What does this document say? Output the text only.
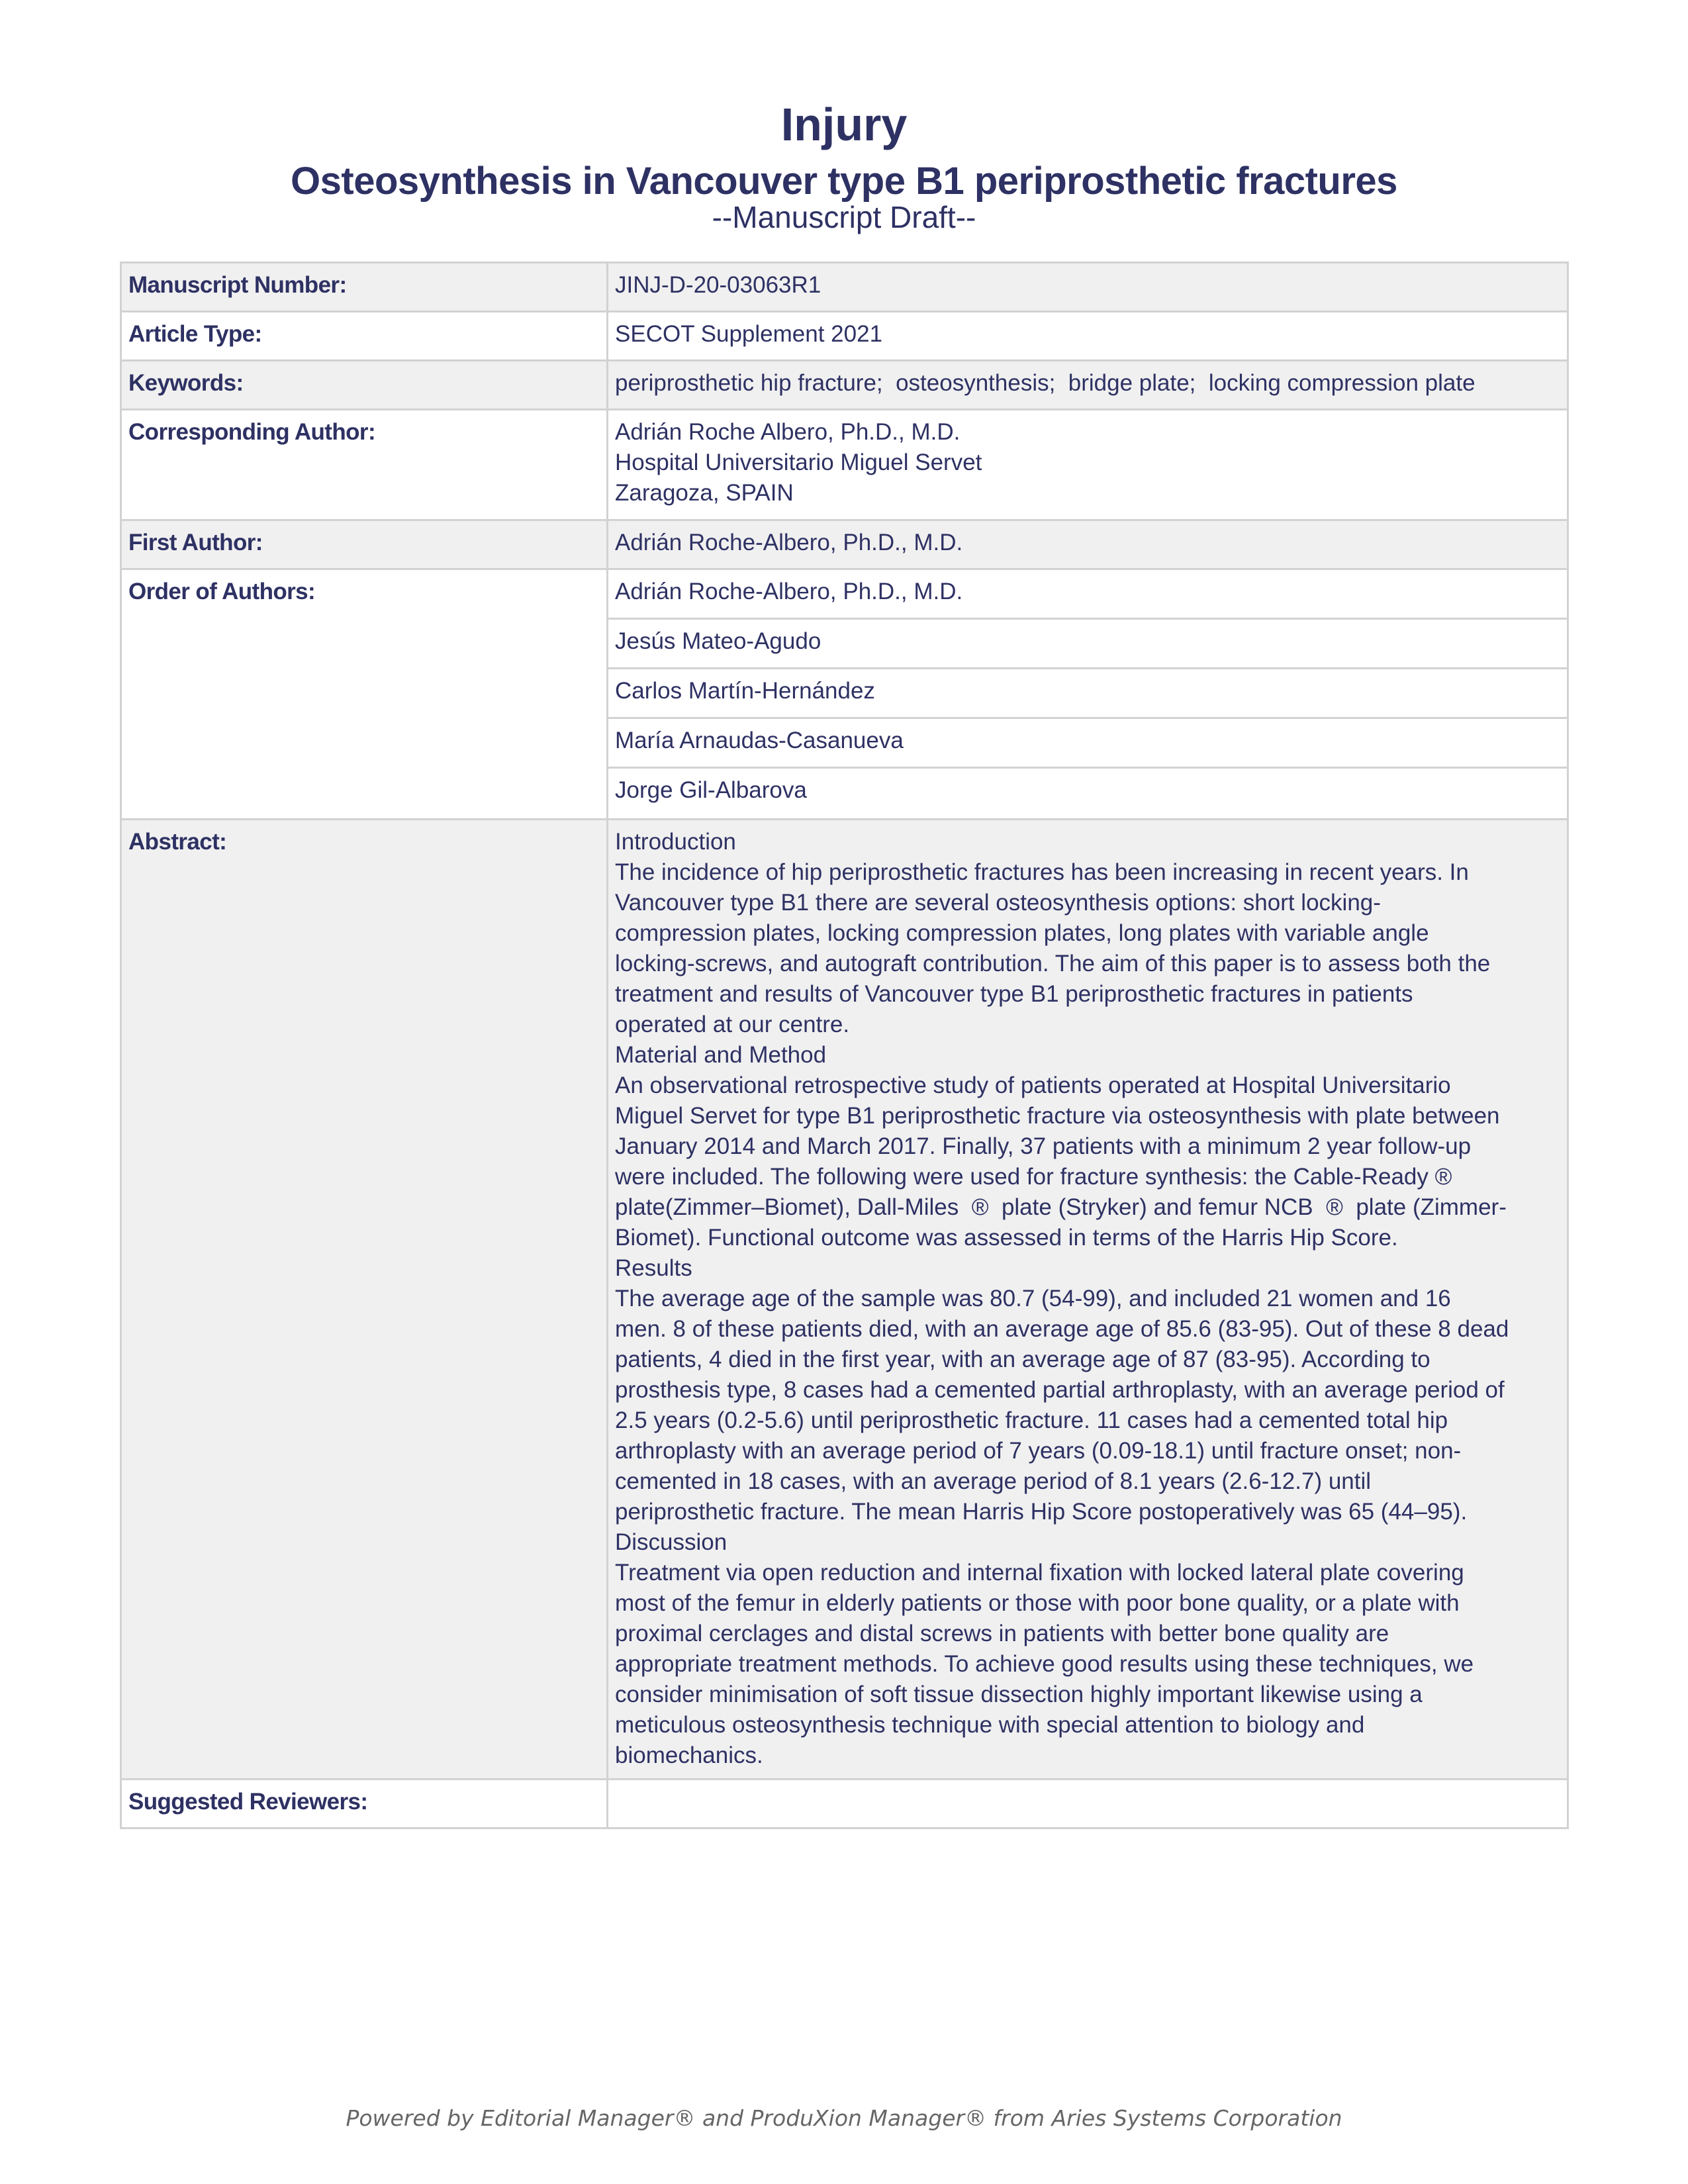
Injury
Osteosynthesis in Vancouver type B1 periprosthetic fractures
--Manuscript Draft--
Manuscript Number:	JINJ-D-20-03063R1
Article Type:	SECOT Supplement 2021
Keywords:	periprosthetic hip fracture;  osteosynthesis;  bridge plate;  locking compression plate
Corresponding Author:	Adrián Roche Albero, Ph.D., M.D.
Hospital Universitario Miguel Servet
Zaragoza, SPAIN

First Author:	Adrián Roche-Albero, Ph.D., M.D.
Order of Authors:	Adrián Roche-Albero, Ph.D., M.D.
Jesús Mateo-Agudo
Carlos Martín-Hernández
María Arnaudas-Casanueva
Jorge Gil-Albarova

Abstract:	Introduction
The incidence of hip periprosthetic fractures has been increasing in recent years. In
Vancouver type B1 there are several osteosynthesis options: short locking-
compression plates, locking compression plates, long plates with variable angle
locking-screws, and autograft contribution. The aim of this paper is to assess both the
treatment and results of Vancouver type B1 periprosthetic fractures in patients
operated at our centre.
Material and Method
An observational retrospective study of patients operated at Hospital Universitario
Miguel Servet for type B1 periprosthetic fracture via osteosynthesis with plate between
January 2014 and March 2017. Finally, 37 patients with a minimum 2 year follow-up
were included. The following were used for fracture synthesis: the Cable-Ready ®
plate(Zimmer–Biomet), Dall-Miles  ®  plate (Stryker) and femur NCB  ®  plate (Zimmer-
Biomet). Functional outcome was assessed in terms of the Harris Hip Score.
Results
The average age of the sample was 80.7 (54-99), and included 21 women and 16
men. 8 of these patients died, with an average age of 85.6 (83-95). Out of these 8 dead
patients, 4 died in the first year, with an average age of 87 (83-95). According to
prosthesis type, 8 cases had a cemented partial arthroplasty, with an average period of
2.5 years (0.2-5.6) until periprosthetic fracture. 11 cases had a cemented total hip
arthroplasty with an average period of 7 years (0.09-18.1) until fracture onset; non-
cemented in 18 cases, with an average period of 8.1 years (2.6-12.7) until
periprosthetic fracture. The mean Harris Hip Score postoperatively was 65 (44–95).
Discussion
Treatment via open reduction and internal fixation with locked lateral plate covering
most of the femur in elderly patients or those with poor bone quality, or a plate with
proximal cerclages and distal screws in patients with better bone quality are
appropriate treatment methods. To achieve good results using these techniques, we
consider minimisation of soft tissue dissection highly important likewise using a
meticulous osteosynthesis technique with special attention to biology and
biomechanics.

Suggested Reviewers:	
Powered by Editorial Manager® and ProduXion Manager® from Aries Systems Corporation
